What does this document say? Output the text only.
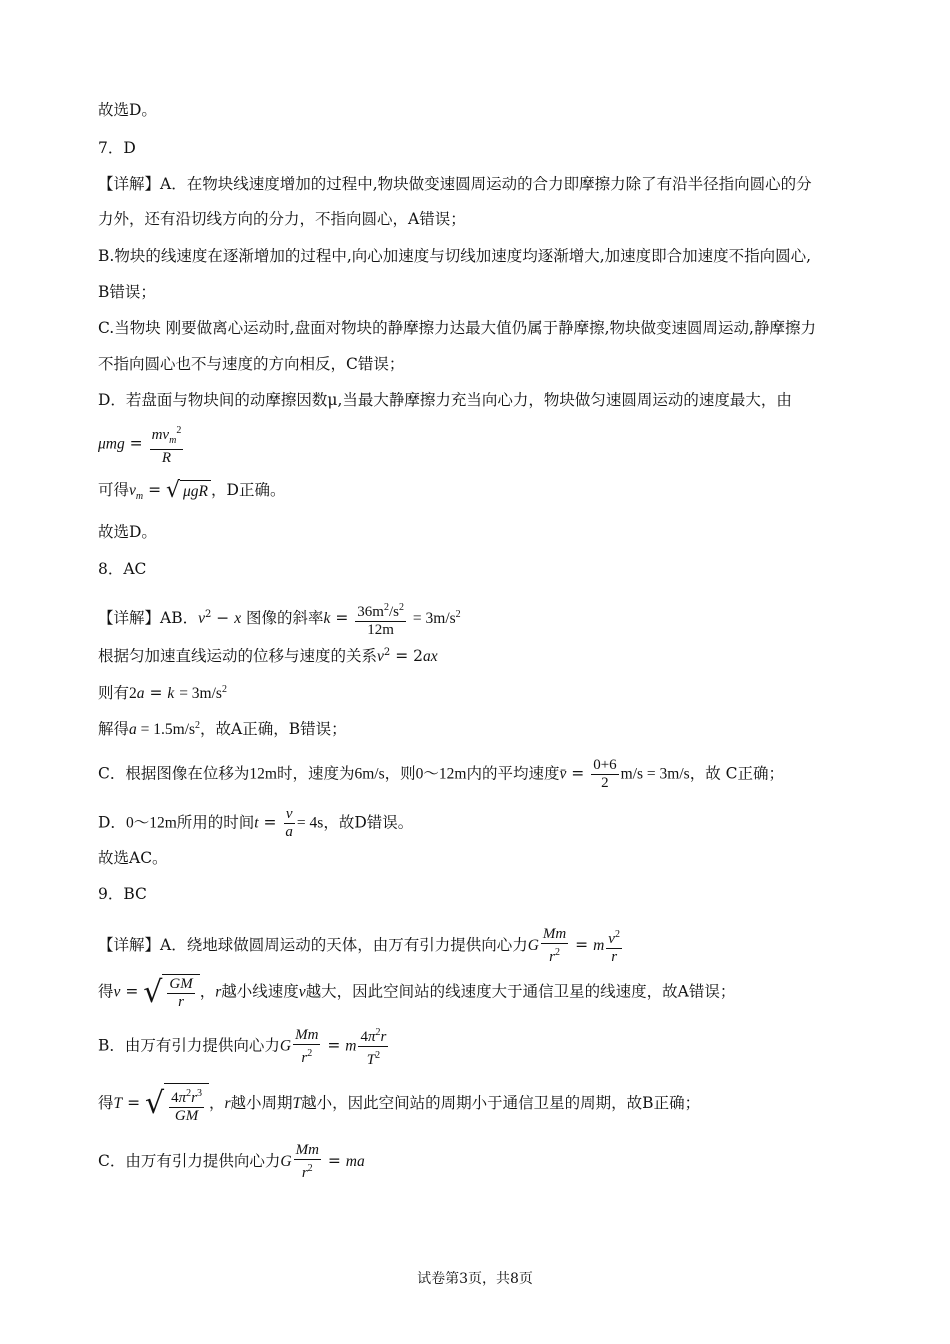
故选D。
7．D
【详解】A．在物块线速度增加的过程中,物块做变速圆周运动的合力即摩擦力除了有沿半径指向圆心的分
力外，还有沿切线方向的分力，不指向圆心，A错误；
B.物块的线速度在逐渐增加的过程中,向心加速度与切线加速度均逐渐增大,加速度即合加速度不指向圆心,
B错误；
C.当物块 刚要做离心运动时,盘面对物块的静摩擦力达最大值仍属于静摩擦,物块做变速圆周运动,静摩擦力
不指向圆心也不与速度的方向相反，C错误；
D．若盘面与物块间的动摩擦因数μ,当最大静摩擦力充当向心力，物块做匀速圆周运动的速度最大，由
$\mu mg = \frac{mv_m^2}{R}$
可得$v_m$ = √ μgR ，D正确。
故选D。
8．AC
【详解】AB．$v^2 - x$ 图像的斜率$k = \frac{36m^2/s^2}{12m} = 3m/s^2$
根据匀加速直线运动的位移与速度的关系$v^2 = 2ax$
则有$2a = k = 3m/s^2$
解得$a = 1.5m/s^2$，故A正确，B错误；
C．根据图像在位移为12m时，速度为6m/s，则0～12m内的平均速度v̄ = $\frac{0+6}{2} m/s = 3m/s$，故 C正确；
D．0～12m所用的时间$t = \frac{v}{a} = 4s$，故D错误。
故选AC。
9．BC
【详解】A．绕地球做圆周运动的天体，由万有引力提供向心力G $\frac{Mm}{r^2} = m \frac{v^2}{r}$
得v = √ $\frac{GM}{r}$ ，r越小线速度v越大，因此空间站的线速度大于通信卫星的线速度，故A错误；
B．由万有引力提供向心力G $\frac{Mm}{r^2} = m \frac{4\pi^2r}{T^2}$
得T = √ $\frac{4\pi^2r^3}{GM}$ ，r越小周期T越小，因此空间站的周期小于通信卫星的周期，故B正确；
C．由万有引力提供向心力G $\frac{Mm}{r^2}$ = ma
试卷第3页，共8页
